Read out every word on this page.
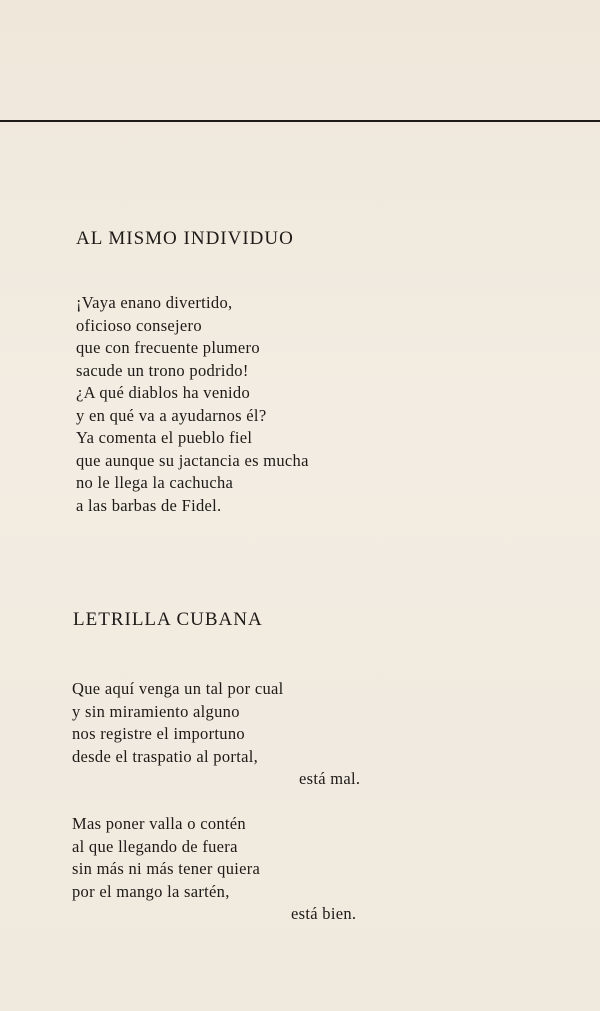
AL MISMO INDIVIDUO
¡Vaya enano divertido,
oficioso consejero
que con frecuente plumero
sacude un trono podrido!
¿A qué diablos ha venido
y en qué va a ayudarnos él?
Ya comenta el pueblo fiel
que aunque su jactancia es mucha
no le llega la cachucha
a las barbas de Fidel.
LETRILLA CUBANA
Que aquí venga un tal por cual
y sin miramiento alguno
nos registre el importuno
desde el traspatio al portal,
está mal.
Mas poner valla o contén
al que llegando de fuera
sin más ni más tener quiera
por el mango la sartén,
está bien.
